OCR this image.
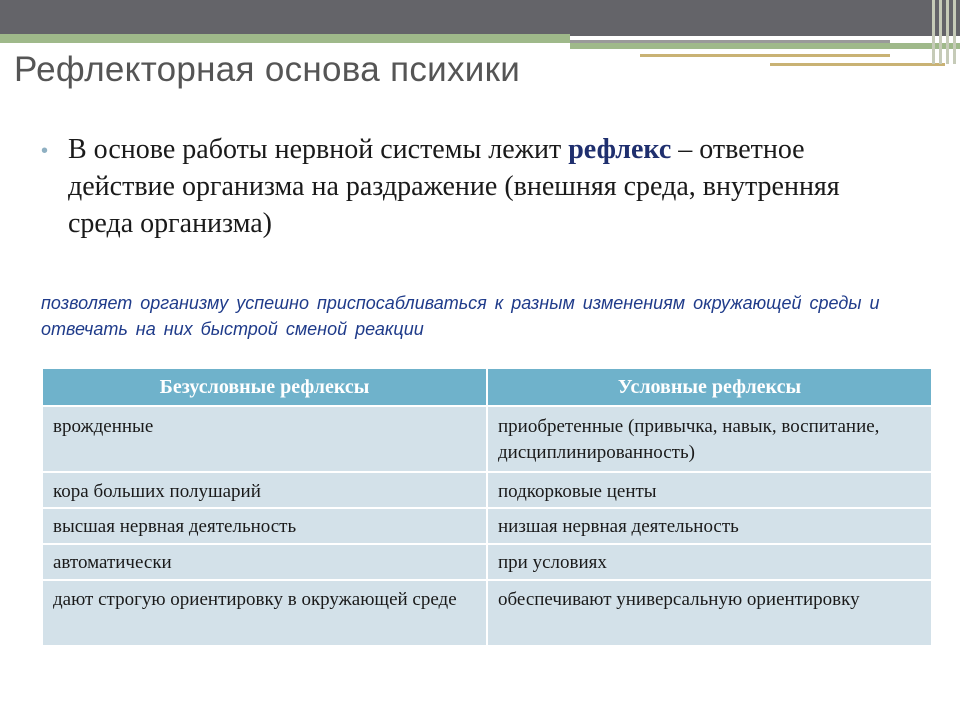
Рефлекторная основа психики
• В основе работы нервной системы лежит рефлекс – ответное действие организма на раздражение (внешняя среда, внутренняя среда организма)

позволяет организму успешно приспосабливаться к разным изменениям окружающей среды и отвечать на них быстрой сменой реакции

Безусловные рефлексы	Условные рефлексы
врожденные	приобретенные (привычка, навык, воспитание, дисциплинированность)
кора больших полушарий	подкорковые центы
высшая нервная деятельность	низшая нервная деятельность
автоматически	при условиях
дают строгую ориентировку в окружающей среде	обеспечивают универсальную ориентировку
